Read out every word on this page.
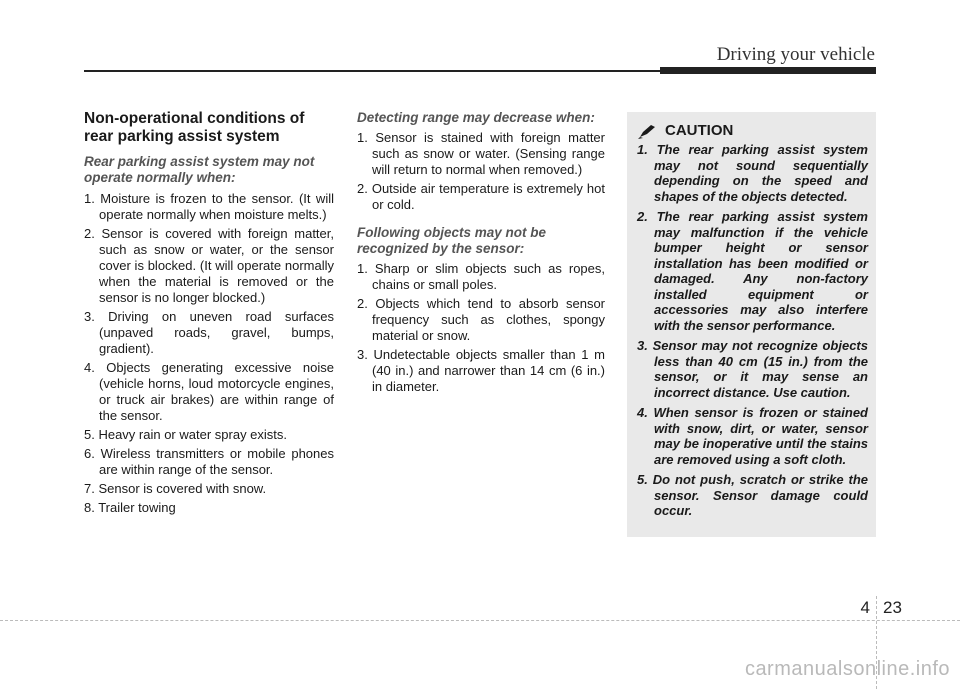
Driving your vehicle
Non-operational conditions of rear parking assist system
Rear parking assist system may not operate normally when:
1. Moisture is frozen to the sensor. (It will operate normally when moisture melts.)
2. Sensor is covered with foreign matter, such as snow or water, or the sensor cover is blocked. (It will operate normally when the material is removed or the sensor is no longer blocked.)
3. Driving on uneven road surfaces (unpaved roads, gravel, bumps, gradient).
4. Objects generating excessive noise (vehicle horns, loud motorcycle engines, or truck air brakes) are within range of the sensor.
5. Heavy rain or water spray exists.
6. Wireless transmitters or mobile phones are within range of the sensor.
7. Sensor is covered with snow.
8. Trailer towing
Detecting range may decrease when:
1. Sensor is stained with foreign matter such as snow or water. (Sensing range will return to normal when removed.)
2. Outside air temperature is extremely hot or cold.
Following objects may not be recognized by the sensor:
1. Sharp or slim objects such as ropes, chains or small poles.
2. Objects which tend to absorb sensor frequency such as clothes, spongy material or snow.
3. Undetectable objects smaller than 1 m (40 in.) and narrower than 14 cm (6 in.) in diameter.
CAUTION
1. The rear parking assist system may not sound sequentially depending on the speed and shapes of the objects detected.
2. The rear parking assist system may malfunction if the vehicle bumper height or sensor installation has been modified or damaged. Any non-factory installed equipment or accessories may also interfere with the sensor performance.
3. Sensor may not recognize objects less than 40 cm (15 in.) from the sensor, or it may sense an incorrect distance. Use caution.
4. When sensor is frozen or stained with snow, dirt, or water, sensor may be inoperative until the stains are removed using a soft cloth.
5. Do not push, scratch or strike the sensor. Sensor damage could occur.
4 23
carmanualsonline.info
